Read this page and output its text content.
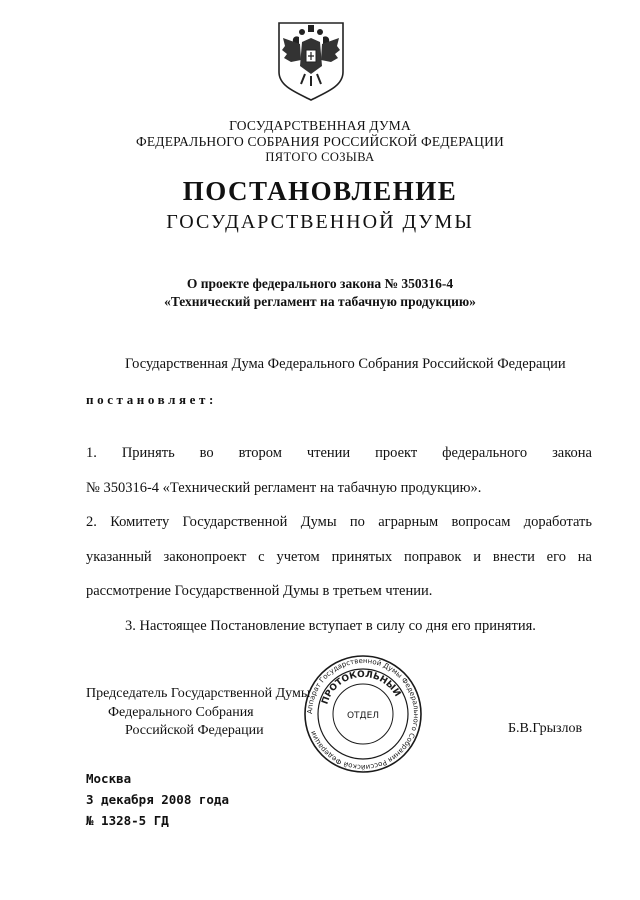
ГОСУДАРСТВЕННАЯ ДУМА
ФЕДЕРАЛЬНОГО СОБРАНИЯ РОССИЙСКОЙ ФЕДЕРАЦИИ
ПЯТОГО СОЗЫВА
ПОСТАНОВЛЕНИЕ
ГОСУДАРСТВЕННОЙ ДУМЫ
О проекте федерального закона № 350316-4
«Технический регламент на табачную продукцию»
Государственная Дума Федерального Собрания Российской Федерации
постановляет:
1. Принять во втором чтении проект федерального закона
№ 350316-4 «Технический регламент на табачную продукцию».
2. Комитету Государственной Думы по аграрным вопросам доработать
указанный законопроект с учетом принятых поправок и внести его на
рассмотрение Государственной Думы в третьем чтении.
3. Настоящее Постановление вступает в силу со дня его принятия.
Аппарат Государственной Думы Федерального Собрания Российской Федерации
ПРОТОКОЛЬНЫЙ
ОТДЕЛ
Председатель Государственной Думы
Федерального Собрания
Российской Федерации	Б.В.Грызлов
Москва
3 декабря 2008 года
№ 1328-5 ГД
